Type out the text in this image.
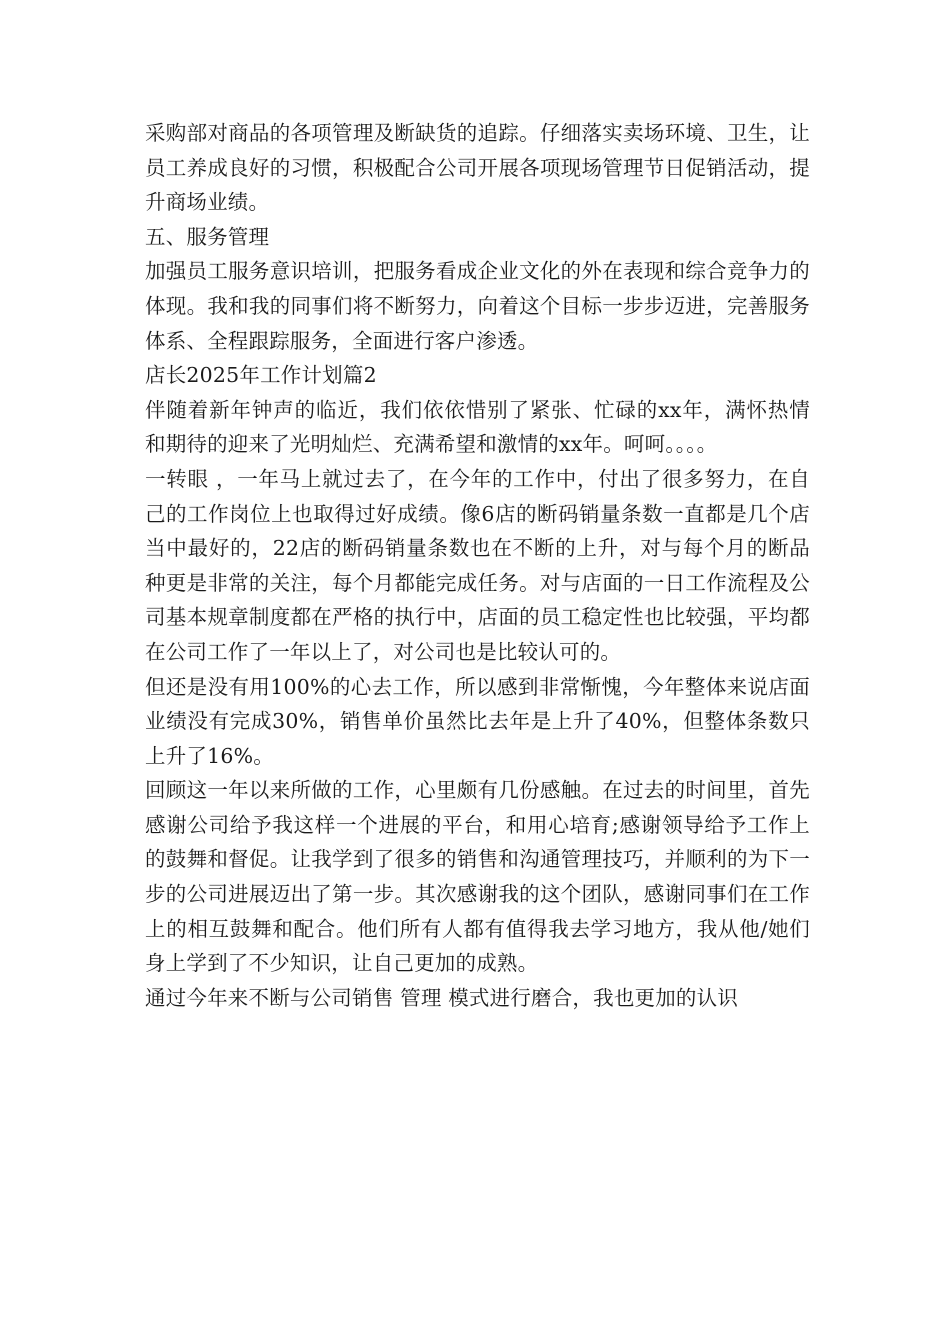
采购部对商品的各项管理及断缺货的追踪。仔细落实卖场环境、卫生，让员工养成良好的习惯，积极配合公司开展各项现场管理节日促销活动，提升商场业绩。

五、服务管理

加强员工服务意识培训，把服务看成企业文化的外在表现和综合竞争力的体现。我和我的同事们将不断努力，向着这个目标一步步迈进，完善服务体系、全程跟踪服务，全面进行客户渗透。

店长2025年工作计划篇2

伴随着新年钟声的临近，我们依依惜别了紧张、忙碌的xx年，满怀热情和期待的迎来了光明灿烂、充满希望和激情的xx年。呵呵。。。。

一转眼 ，一年马上就过去了，在今年的工作中，付出了很多努力，在自己的工作岗位上也取得过好成绩。像6店的断码销量条数一直都是几个店当中最好的，22店的断码销量条数也在不断的上升，对与每个月的断品种更是非常的关注，每个月都能完成任务。对与店面的一日工作流程及公司基本规章制度都在严格的执行中，店面的员工稳定性也比较强，平均都在公司工作了一年以上了，对公司也是比较认可的。

但还是没有用100%的心去工作，所以感到非常惭愧，今年整体来说店面业绩没有完成30%，销售单价虽然比去年是上升了40%，但整体条数只上升了16%。

回顾这一年以来所做的工作，心里颇有几份感触。在过去的时间里，首先感谢公司给予我这样一个进展的平台，和用心培育;感谢领导给予工作上的鼓舞和督促。让我学到了很多的销售和沟通管理技巧，并顺利的为下一步的公司进展迈出了第一步。其次感谢我的这个团队，感谢同事们在工作上的相互鼓舞和配合。他们所有人都有值得我去学习地方，我从他/她们身上学到了不少知识，让自己更加的成熟。

通过今年来不断与公司销售 管理 模式进行磨合，我也更加的认识
